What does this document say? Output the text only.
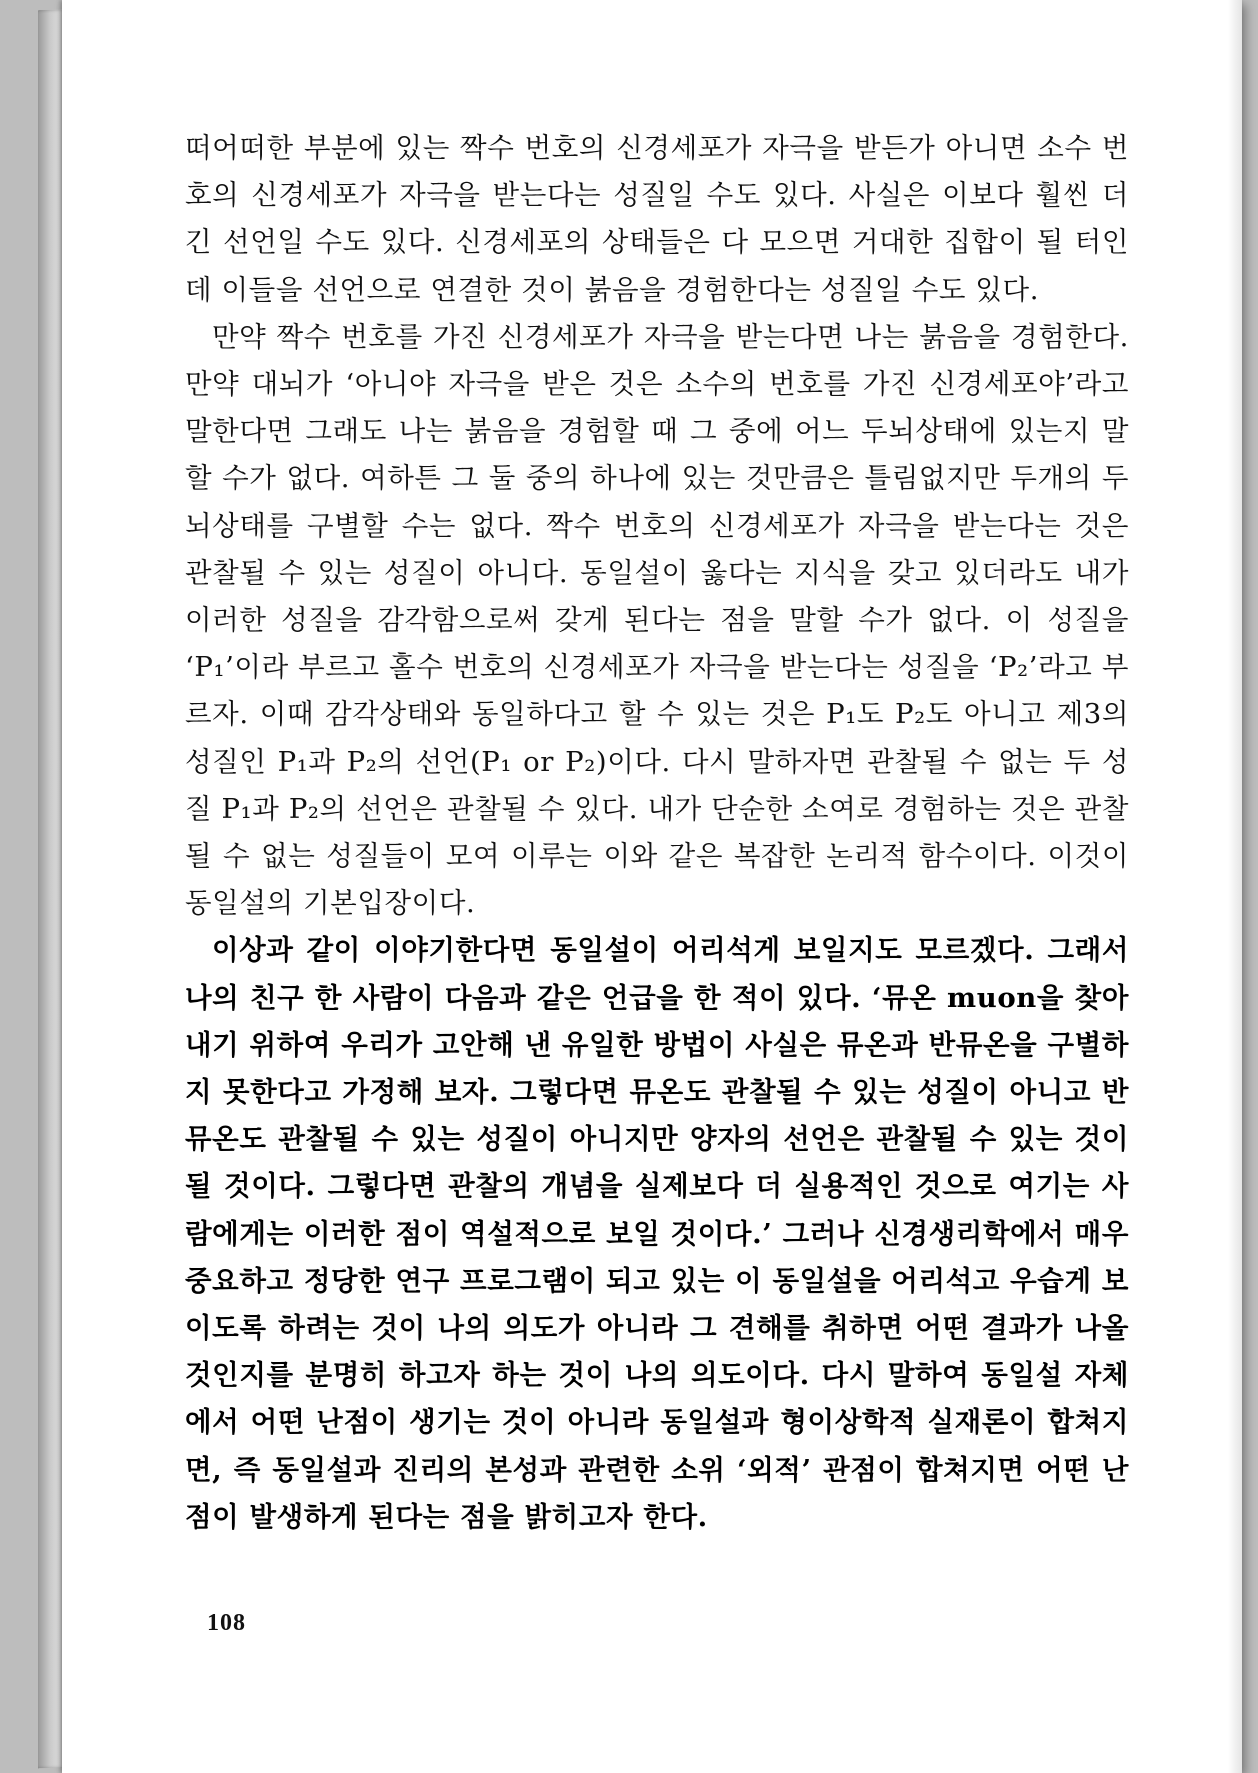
떠어떠한 부분에 있는 짝수 번호의 신경세포가 자극을 받든가 아니면 소수 번호의 신경세포가 자극을 받는다는 성질일 수도 있다. 사실은 이보다 훨씬 더 긴 선언일 수도 있다. 신경세포의 상태들은 다 모으면 거대한 집합이 될 터인데 이들을 선언으로 연결한 것이 붉음을 경험한다는 성질일 수도 있다.

만약 짝수 번호를 가진 신경세포가 자극을 받는다면 나는 붉음을 경험한다. 만약 대뇌가 ‘아니야 자극을 받은 것은 소수의 번호를 가진 신경세포야’라고 말한다면 그래도 나는 붉음을 경험할 때 그 중에 어느 두뇌상태에 있는지 말할 수가 없다. 여하튼 그 둘 중의 하나에 있는 것만큼은 틀림없지만 두개의 두뇌상태를 구별할 수는 없다. 짝수 번호의 신경세포가 자극을 받는다는 것은 관찰될 수 있는 성질이 아니다. 동일설이 옳다는 지식을 갖고 있더라도 내가 이러한 성질을 감각함으로써 갖게 된다는 점을 말할 수가 없다. 이 성질을 ‘P₁’이라 부르고 홀수 번호의 신경세포가 자극을 받는다는 성질을 ‘P₂’라고 부르자. 이때 감각상태와 동일하다고 할 수 있는 것은 P₁도 P₂도 아니고 제3의 성질인 P₁과 P₂의 선언(P₁ or P₂)이다. 다시 말하자면 관찰될 수 없는 두 성질 P₁과 P₂의 선언은 관찰될 수 있다. 내가 단순한 소여로 경험하는 것은 관찰될 수 없는 성질들이 모여 이루는 이와 같은 복잡한 논리적 함수이다. 이것이 동일설의 기본입장이다.

이상과 같이 이야기한다면 동일설이 어리석게 보일지도 모르겠다. 그래서 나의 친구 한 사람이 다음과 같은 언급을 한 적이 있다. ‘뮤온 muon을 찾아내기 위하여 우리가 고안해 낸 유일한 방법이 사실은 뮤온과 반뮤온을 구별하지 못한다고 가정해 보자. 그렇다면 뮤온도 관찰될 수 있는 성질이 아니고 반뮤온도 관찰될 수 있는 성질이 아니지만 양자의 선언은 관찰될 수 있는 것이 될 것이다. 그렇다면 관찰의 개념을 실제보다 더 실용적인 것으로 여기는 사람에게는 이러한 점이 역설적으로 보일 것이다.’ 그러나 신경생리학에서 매우 중요하고 정당한 연구 프로그램이 되고 있는 이 동일설을 어리석고 우습게 보이도록 하려는 것이 나의 의도가 아니라 그 견해를 취하면 어떤 결과가 나올 것인지를 분명히 하고자 하는 것이 나의 의도이다. 다시 말하여 동일설 자체에서 어떤 난점이 생기는 것이 아니라 동일설과 형이상학적 실재론이 합쳐지면, 즉 동일설과 진리의 본성과 관련한 소위 ‘외적’ 관점이 합쳐지면 어떤 난점이 발생하게 된다는 점을 밝히고자 한다.

108
